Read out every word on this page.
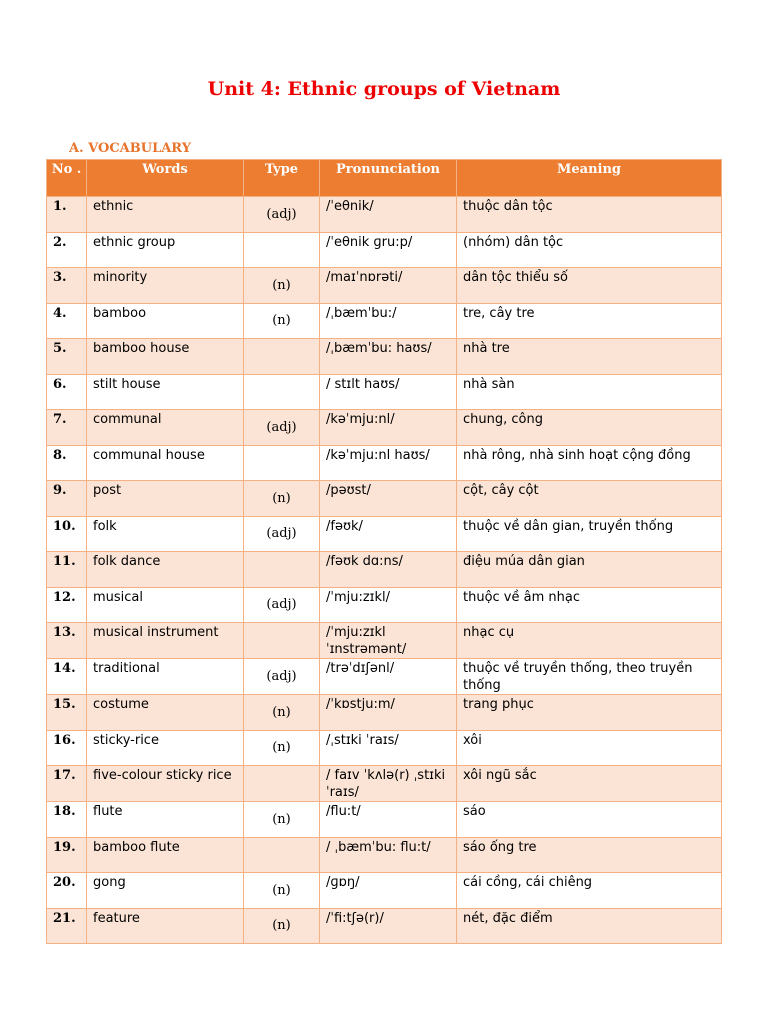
Unit 4: Ethnic groups of Vietnam
A. VOCABULARY
No .	Words	Type	Pronunciation	Meaning

1.	ethnic	(adj)	/ˈeθnik/	thuộc dân tộc
2.	ethnic group		/ˈeθnik ɡru:p/	(nhóm) dân tộc
3.	minority	(n)	/maɪˈnɒrəti/	dân tộc thiểu số
4.	bamboo	(n)	/ˌbæmˈbu:/	tre, cây tre
5.	bamboo house		/ˌbæmˈbu: haʊs/	nhà tre
6.	stilt house		/ stɪlt haʊs/	nhà sàn
7.	communal	(adj)	/kəˈmju:nl/	chung, công
8.	communal house		/kəˈmju:nl haʊs/	nhà rông, nhà sinh hoạt cộng đồng
9.	post	(n)	/pəʊst/	cột, cây cột
10.	folk	(adj)	/fəʊk/	thuộc về dân gian, truyền thống
11.	folk dance		/fəʊk dɑ:ns/	điệu múa dân gian
12.	musical	(adj)	/ˈmju:zɪkl/	thuộc về âm nhạc
13.	musical instrument		/ˈmju:zɪkl ˈɪnstrəmənt/	nhạc cụ
14.	traditional	(adj)	/trəˈdɪʃənl/	thuộc về truyền thống, theo truyền thống
15.	costume	(n)	/ˈkɒstju:m/	trang phục
16.	sticky-rice	(n)	/ˌstɪki ˈraɪs/	xôi
17.	five-colour sticky rice		/ faɪv ˈkʌlə(r) ˌstɪki ˈraɪs/	xôi ngũ sắc
18.	flute	(n)	/flu:t/	sáo
19.	bamboo flute		/ ˌbæmˈbu: flu:t/	sáo ống tre
20.	gong	(n)	/ɡɒŋ/	cái cồng, cái chiêng
21.	feature	(n)	/ˈfi:tʃə(r)/	nét, đặc điểm
